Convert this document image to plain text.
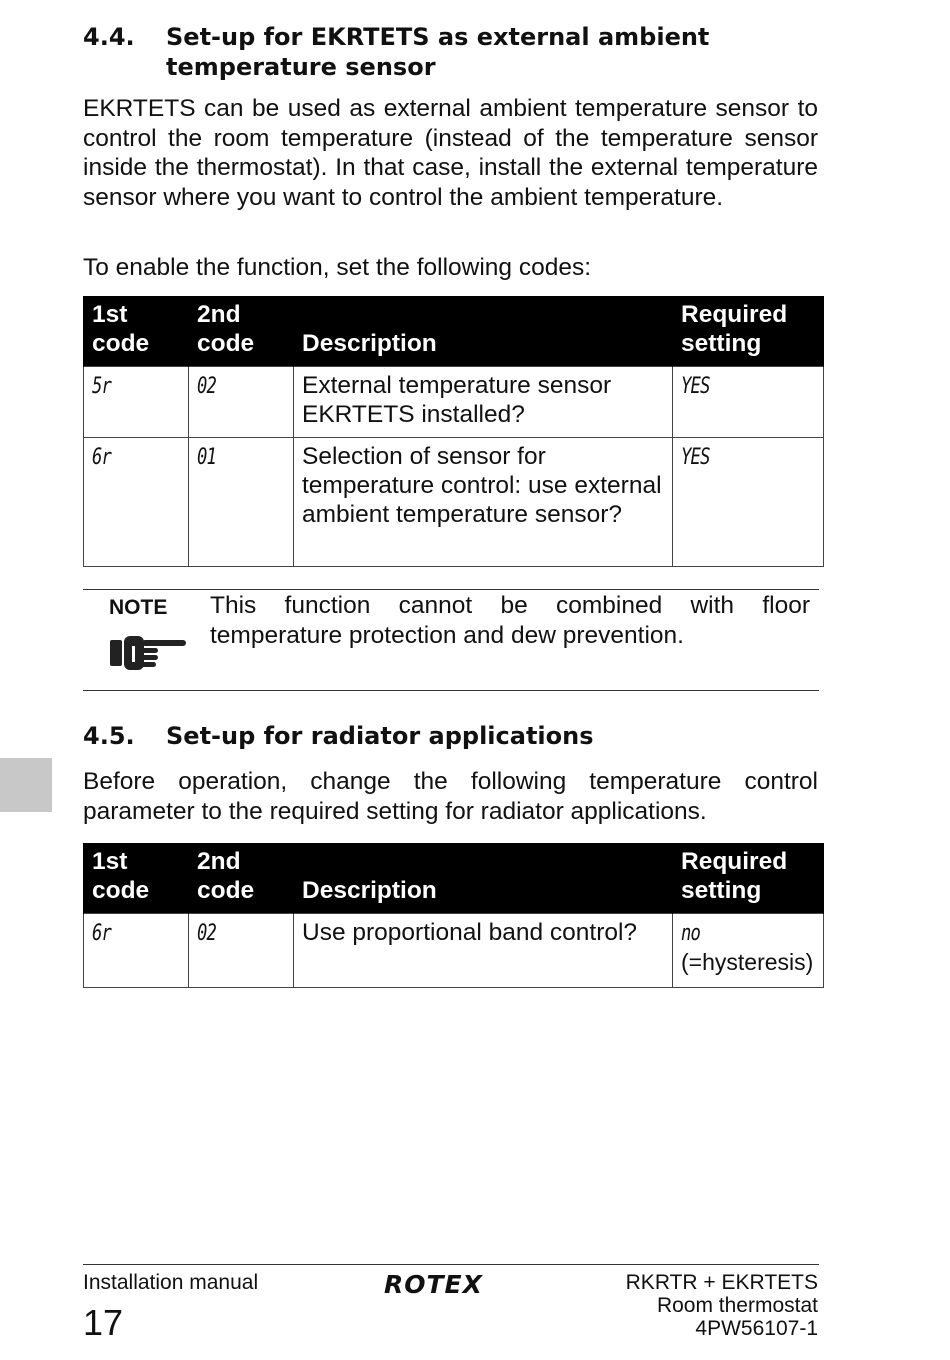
4.4. Set-up for EKRTETS as external ambient
temperature sensor
EKRTETS can be used as external ambient temperature sensor to control the room temperature (instead of the temperature sensor inside the thermostat). In that case, install the external temperature sensor where you want to control the ambient temperature.
To enable the function, set the following codes:
1st code	2nd code	Description	Required setting
5r	02	External temperature sensor EKRTETS installed?	YES
6r	01	Selection of sensor for temperature control: use external ambient temperature sensor?	YES
NOTE This function cannot be combined with floor temperature protection and dew prevention.
4.5. Set-up for radiator applications
Before operation, change the following temperature control parameter to the required setting for radiator applications.
1st code	2nd code	Description	Required setting
6r	02	Use proportional band control?	no
(=hysteresis)
Installation manual
17
ROTEX	RKRTR + EKRTETS
Room thermostat
4PW56107-1
